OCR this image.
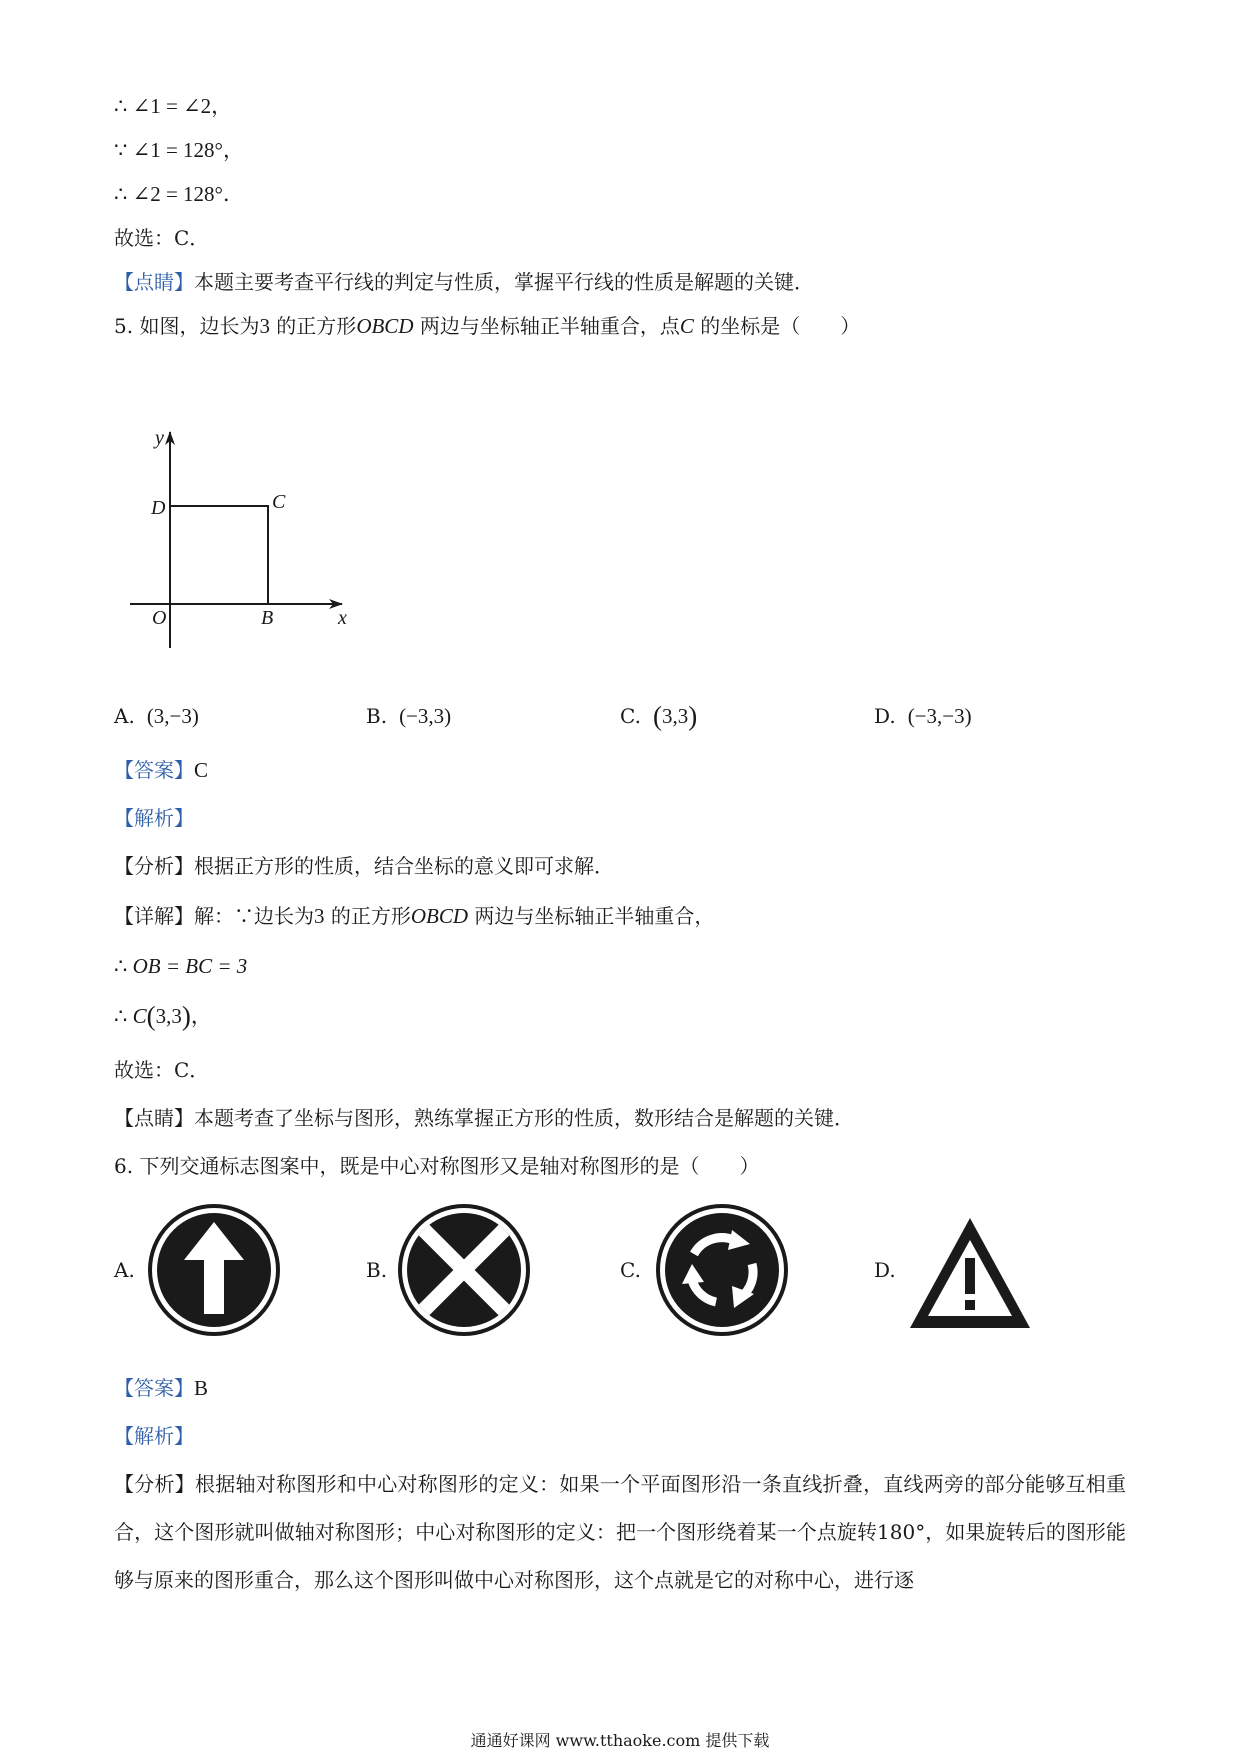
∴ ∠1 = ∠2，
∵ ∠1 = 128°，
∴ ∠2 = 128°．
故选：C．
【点睛】本题主要考查平行线的判定与性质，掌握平行线的性质是解题的关键．
5. 如图，边长为3 的正方形OBCD 两边与坐标轴正半轴重合，点C 的坐标是（　　）
y
x
O	B
C
D
A. (3,−3)	B. (−3,3)	C. (3,3)	D. (−3,−3)
【答案】C
【解析】
【分析】根据正方形的性质，结合坐标的意义即可求解．
【详解】解：∵边长为3 的正方形OBCD 两边与坐标轴正半轴重合，
∴ OB = BC = 3
∴ C(3,3)，
故选：C．
【点睛】本题考查了坐标与图形，熟练掌握正方形的性质，数形结合是解题的关键．
6. 下列交通标志图案中，既是中心对称图形又是轴对称图形的是（　　）
A.	B.	C.	D.
【答案】B
【解析】
【分析】根据轴对称图形和中心对称图形的定义：如果一个平面图形沿一条直线折叠，直线两旁的部分能够互相重合，这个图形就叫做轴对称图形；中心对称图形的定义：把一个图形绕着某一个点旋转180°，如果旋转后的图形能够与原来的图形重合，那么这个图形叫做中心对称图形，这个点就是它的对称中心，进行逐
通通好课网 www.tthaoke.com 提供下载
